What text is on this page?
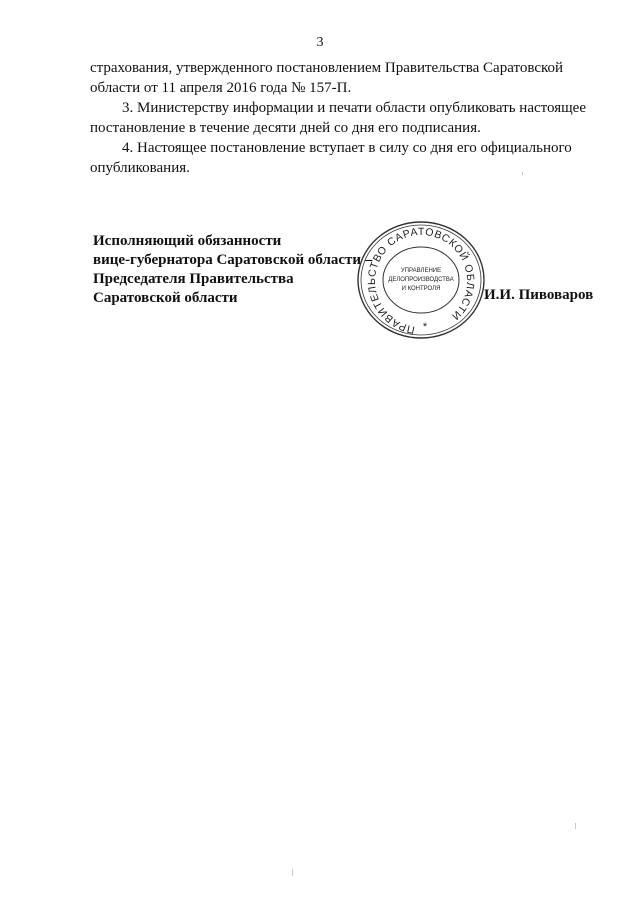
3

страхования, утвержденного постановлением Правительства Саратовской

области от 11 апреля 2016 года № 157-П.

3. Министерству информации и печати области опубликовать настоящее

постановление в течение десяти дней со дня его подписания.

4. Настоящее постановление вступает в силу со дня его официального

опубликования.

Исполняющий обязанности
вице-губернатора Саратовской области –
Председателя Правительства
Саратовской области
ПРАВИТЕЛЬСТВО САРАТОВСКОЙ ОБЛАСТИ
УПРАВЛЕНИЕ
ДЕЛОПРОИЗВОДСТВА
И КОНТРОЛЯ
*
И.И. Пивоваров
